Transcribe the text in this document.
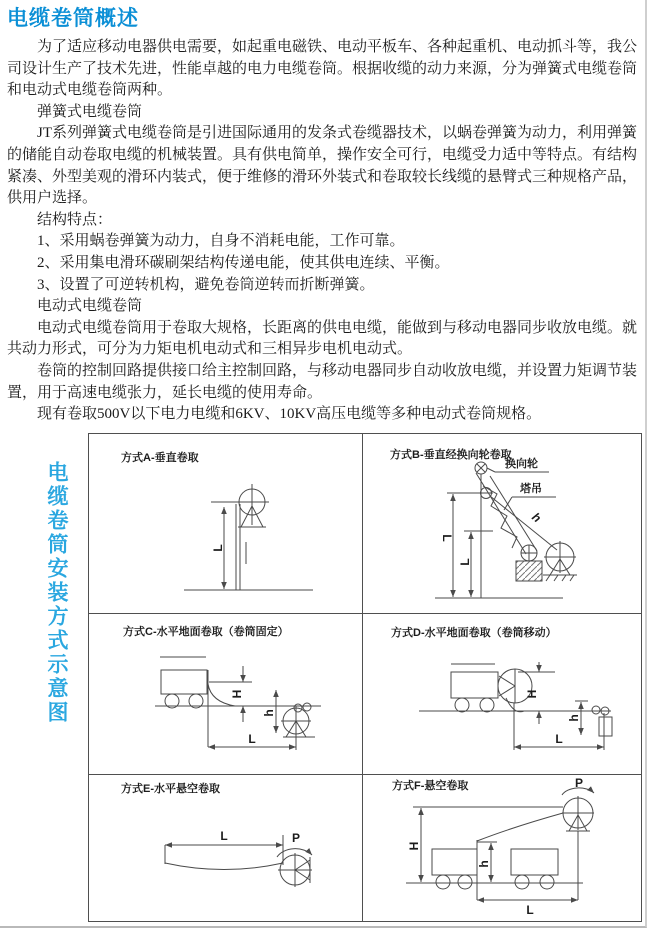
电缆卷筒概述

为了适应移动电器供电需要，如起重电磁铁、电动平板车、各种起重机、电动抓斗等，我公司设计生产了技术先进，性能卓越的电力电缆卷筒。根据收缆的动力来源，分为弹簧式电缆卷筒和电动式电缆卷筒两种。

弹簧式电缆卷筒

JT系列弹簧式电缆卷筒是引进国际通用的发条式卷缆器技术，以蜗卷弹簧为动力，利用弹簧的储能自动卷取电缆的机械装置。具有供电简单，操作安全可行，电缆受力适中等特点。有结构紧凑、外型美观的滑环内装式，便于维修的滑环外装式和卷取较长线缆的悬臂式三种规格产品，供用户选择。

结构特点：

1、采用蜗卷弹簧为动力，自身不消耗电能，工作可靠。

2、采用集电滑环碳刷架结构传递电能，使其供电连续、平衡。

3、设置了可逆转机构，避免卷筒逆转而折断弹簧。

电动式电缆卷筒

电动式电缆卷筒用于卷取大规格，长距离的供电电缆，能做到与移动电器同步收放电缆。就共动力形式，可分为力矩电机电动式和三相异步电机电动式。

卷筒的控制回路提供接口给主控制回路，与移动电器同步自动收放电缆，并设置力矩调节装置，用于高速电缆张力，延长电缆的使用寿命。

现有卷取500V以下电力电缆和6KV、10KV高压电缆等多种电动式卷筒规格。

电缆卷筒安装方式示意图
方式A-垂直卷取
L
方式B-垂直经换向轮卷取
换向轮
塔吊
h
L
L
方式C-水平地面卷取（卷筒固定）
H
h
L
方式D-水平地面卷取（卷筒移动）
H
h
L
方式E-水平悬空卷取
L	P
方式F-悬空卷取	P
H
h
L
